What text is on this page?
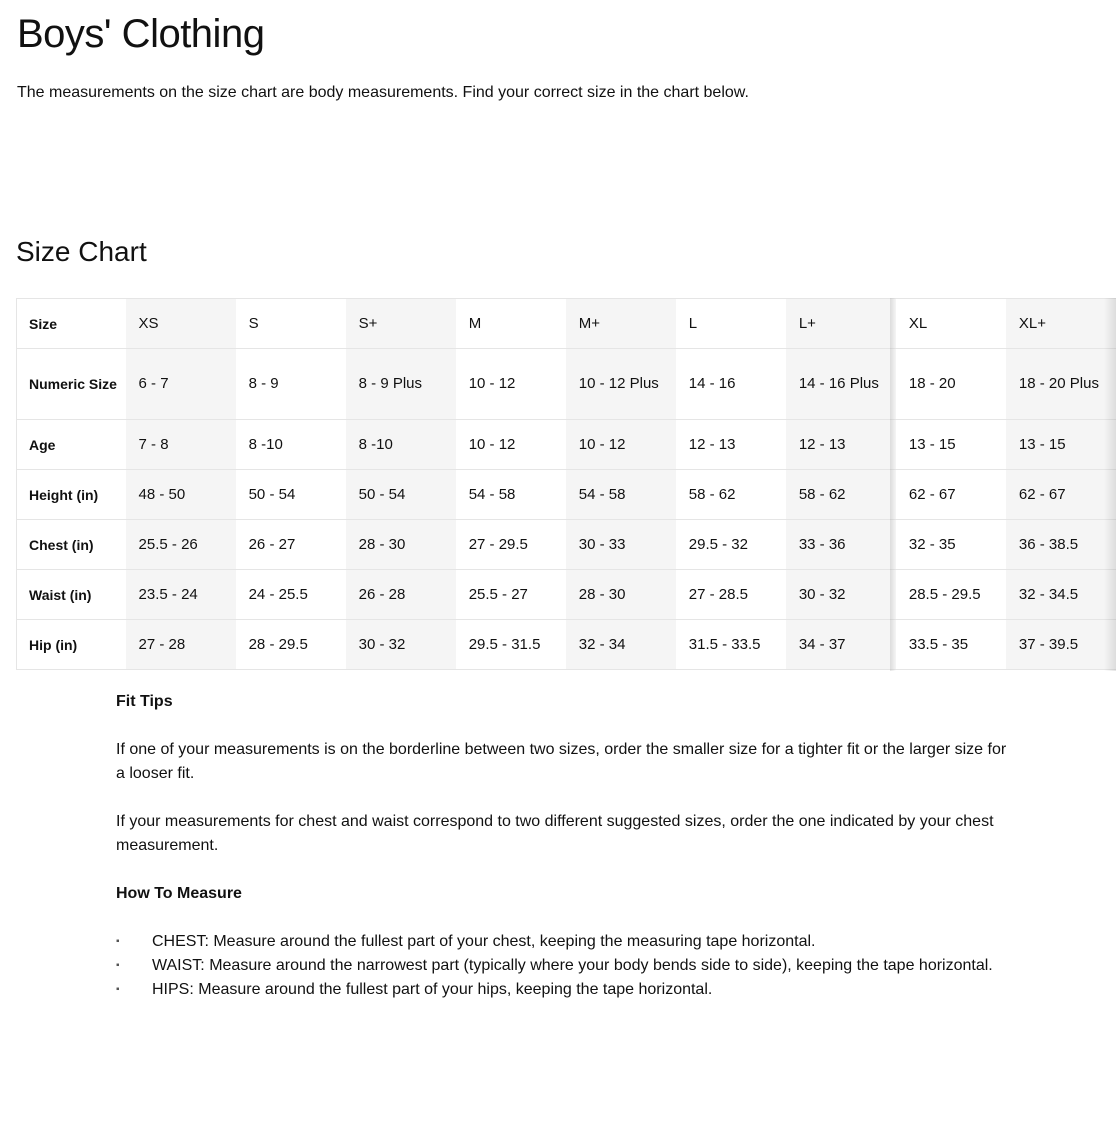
Boys' Clothing

The measurements on the size chart are body measurements. Find your correct size in the chart below.

Size Chart
Size	XS	S	S+	M	M+	L	L+	XL	XL+
Numeric Size	6 - 7	8 - 9	8 - 9 Plus	10 - 12	10 - 12 Plus	14 - 16	14 - 16 Plus	18 - 20	18 - 20 Plus
Age	7 - 8	8 -10	8 -10	10 - 12	10 - 12	12 - 13	12 - 13	13 - 15	13 - 15
Height (in)	48 - 50	50 - 54	50 - 54	54 - 58	54 - 58	58 - 62	58 - 62	62 - 67	62 - 67
Chest (in)	25.5 - 26	26 - 27	28 - 30	27 - 29.5	30 - 33	29.5 - 32	33 - 36	32 - 35	36 - 38.5
Waist (in)	23.5 - 24	24 - 25.5	26 - 28	25.5 - 27	28 - 30	27 - 28.5	30 - 32	28.5 - 29.5	32 - 34.5
Hip (in)	27 - 28	28 - 29.5	30 - 32	29.5 - 31.5	32 - 34	31.5 - 33.5	34 - 37	33.5 - 35	37 - 39.5
Fit Tips

If one of your measurements is on the borderline between two sizes, order the smaller size for a tighter fit or the larger size for a looser fit.

If your measurements for chest and waist correspond to two different suggested sizes, order the one indicated by your chest measurement.

How To Measure
▪ CHEST: Measure around the fullest part of your chest, keeping the measuring tape horizontal.
▪ WAIST: Measure around the narrowest part (typically where your body bends side to side), keeping the tape horizontal.
▪ HIPS: Measure around the fullest part of your hips, keeping the tape horizontal.
